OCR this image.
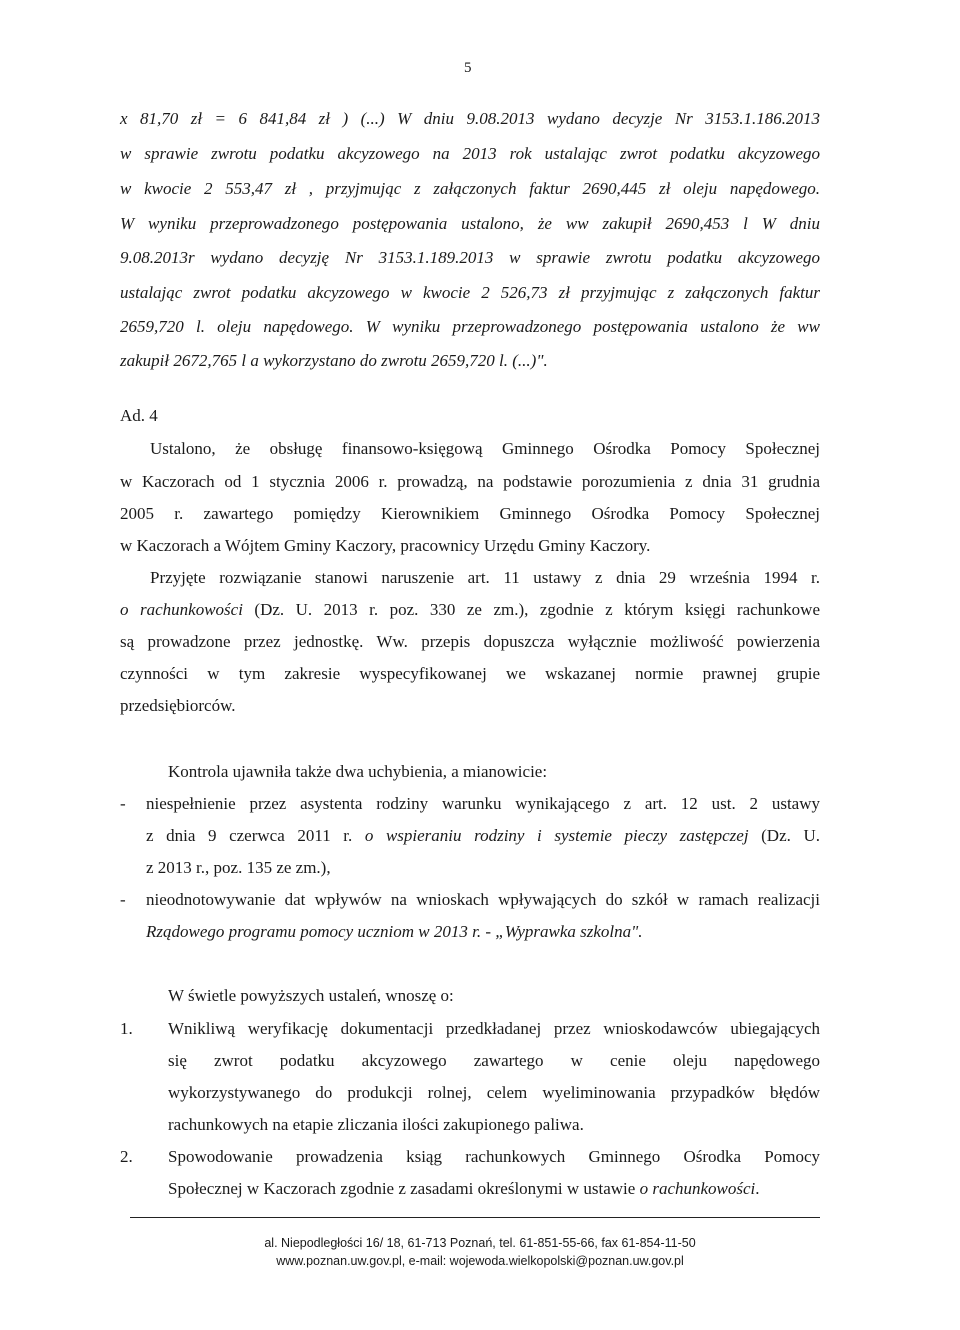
5
x 81,70 zł = 6 841,84 zł ) (...) W dniu 9.08.2013 wydano decyzje Nr 3153.1.186.2013
w sprawie zwrotu podatku akcyzowego na 2013 rok ustalając zwrot podatku akcyzowego
w kwocie 2 553,47 zł , przyjmując z załączonych faktur 2690,445 zł oleju napędowego.
W wyniku przeprowadzonego postępowania ustalono, że ww zakupił 2690,453 l W dniu
9.08.2013r wydano decyzję Nr 3153.1.189.2013 w sprawie zwrotu podatku akcyzowego
ustalając zwrot podatku akcyzowego w kwocie 2 526,73 zł przyjmując z załączonych faktur
2659,720 l. oleju napędowego. W wyniku przeprowadzonego postępowania ustalono że ww
zakupił 2672,765 l a wykorzystano do zwrotu 2659,720 l. (...)".
Ad. 4
Ustalono, że obsługę finansowo-księgową Gminnego Ośrodka Pomocy Społecznej
w Kaczorach od 1 stycznia 2006 r. prowadzą, na podstawie porozumienia z dnia 31 grudnia
2005 r. zawartego pomiędzy Kierownikiem Gminnego Ośrodka Pomocy Społecznej
w Kaczorach a Wójtem Gminy Kaczory, pracownicy Urzędu Gminy Kaczory.
Przyjęte rozwiązanie stanowi naruszenie art. 11 ustawy z dnia 29 września 1994 r.
o rachunkowości (Dz. U. 2013 r. poz. 330 ze zm.), zgodnie z którym księgi rachunkowe
są prowadzone przez jednostkę. Ww. przepis dopuszcza wyłącznie możliwość powierzenia
czynności w tym zakresie wyspecyfikowanej we wskazanej normie prawnej grupie
przedsiębiorców.
Kontrola ujawniła także dwa uchybienia, a mianowicie:
- niespełnienie przez asystenta rodziny warunku wynikającego z art. 12 ust. 2 ustawy
z dnia 9 czerwca 2011 r. o wspieraniu rodziny i systemie pieczy zastępczej (Dz. U.
z 2013 r., poz. 135 ze zm.),
- nieodnotowywanie dat wpływów na wnioskach wpływających do szkół w ramach realizacji
Rządowego programu pomocy uczniom w 2013 r. - „Wyprawka szkolna".
W świetle powyższych ustaleń, wnoszę o:
1. Wnikliwą weryfikację dokumentacji przedkładanej przez wnioskodawców ubiegających
się zwrot podatku akcyzowego zawartego w cenie oleju napędowego
wykorzystywanego do produkcji rolnej, celem wyeliminowania przypadków błędów
rachunkowych na etapie zliczania ilości zakupionego paliwa.
2. Spowodowanie prowadzenia ksiąg rachunkowych Gminnego Ośrodka Pomocy
Społecznej w Kaczorach zgodnie z zasadami określonymi w ustawie o rachunkowości.
al. Niepodległości 16/ 18, 61-713 Poznań, tel. 61-851-55-66, fax 61-854-11-50
www.poznan.uw.gov.pl, e-mail: wojewoda.wielkopolski@poznan.uw.gov.pl
